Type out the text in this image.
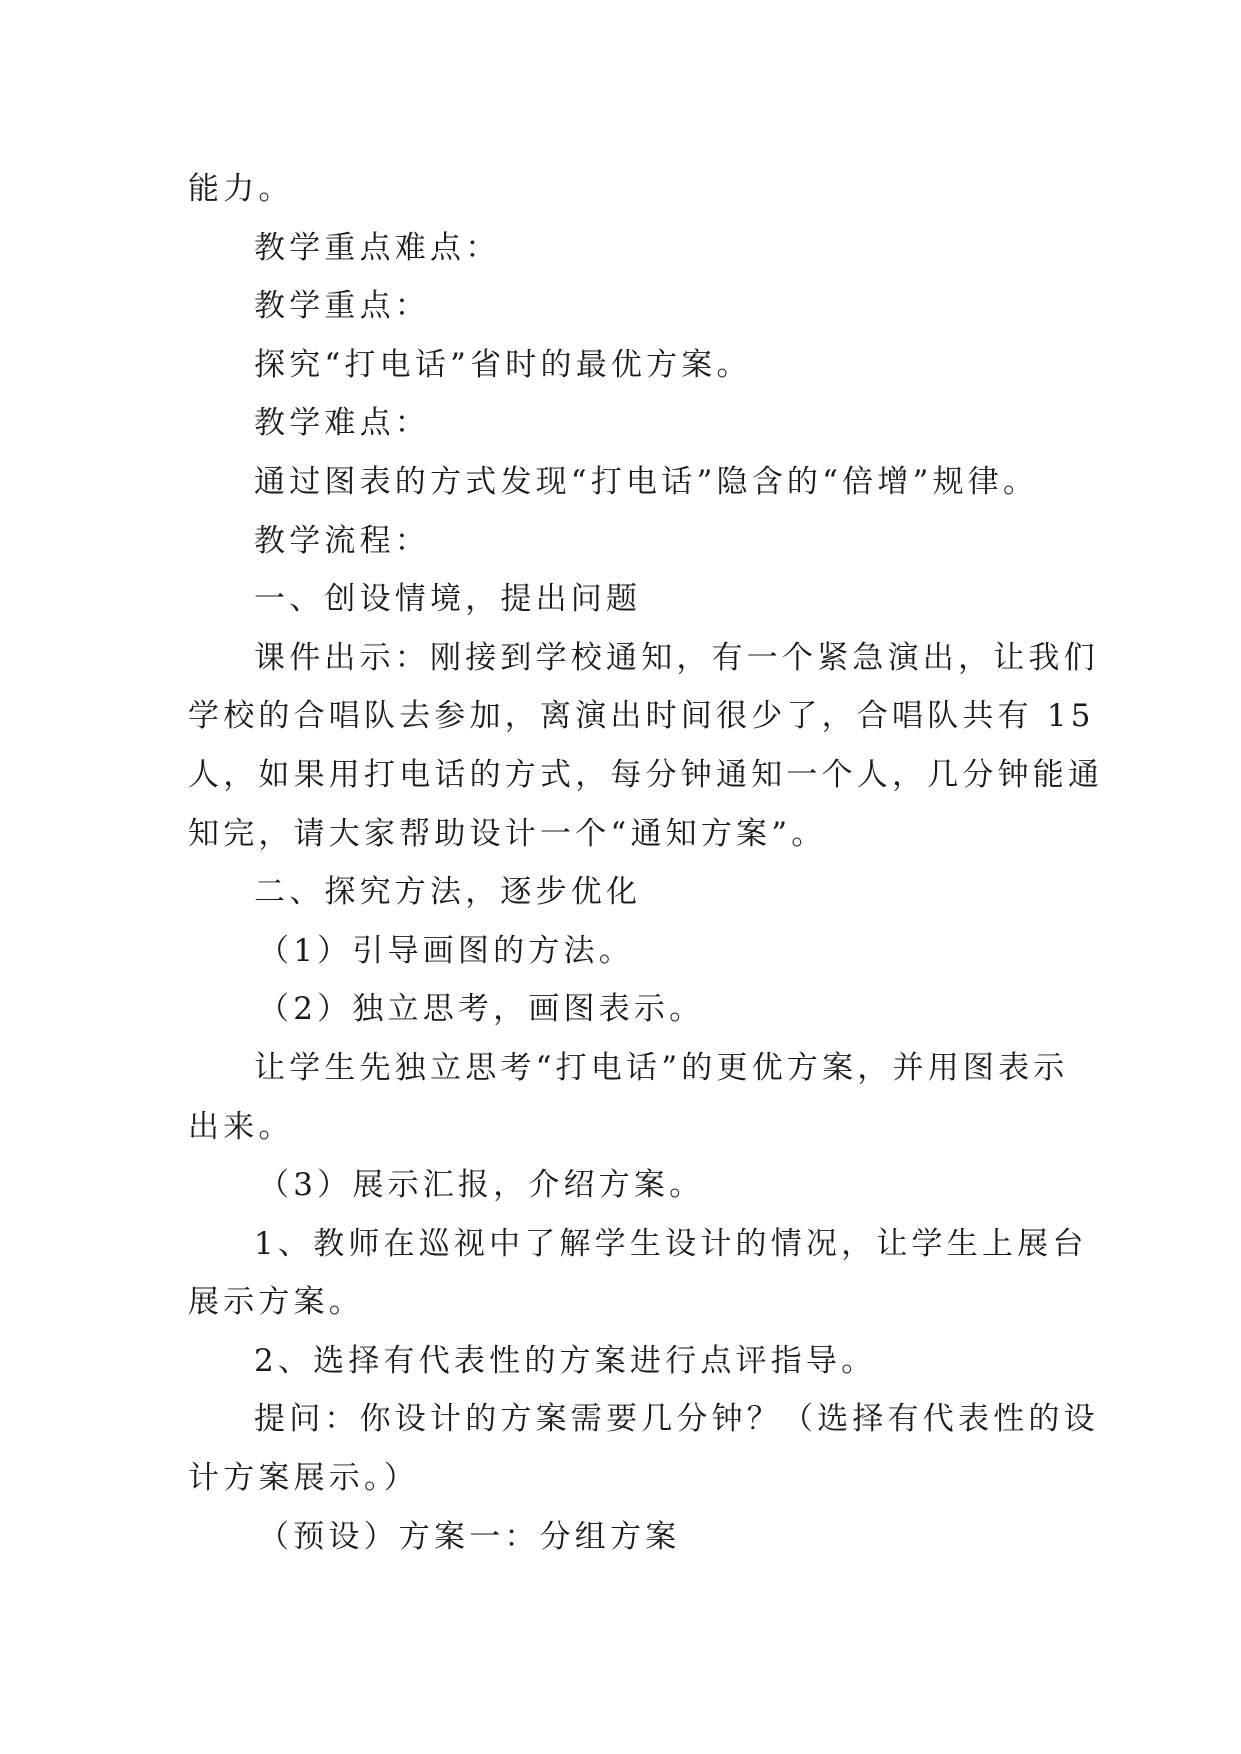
能力。

教学重点难点：

教学重点：

探究“打电话”省时的最优方案。

教学难点：

通过图表的方式发现“打电话”隐含的“倍增”规律。

教学流程：

一、创设情境，提出问题

课件出示：刚接到学校通知，有一个紧急演出，让我们

学校的合唱队去参加，离演出时间很少了，合唱队共有 15

人，如果用打电话的方式，每分钟通知一个人，几分钟能通

知完，请大家帮助设计一个“通知方案”。

二、探究方法，逐步优化

（1）引导画图的方法。

（2）独立思考，画图表示。

让学生先独立思考“打电话”的更优方案，并用图表示

出来。

（3）展示汇报，介绍方案。

1、教师在巡视中了解学生设计的情况，让学生上展台

展示方案。

2、选择有代表性的方案进行点评指导。

提问：你设计的方案需要几分钟？（选择有代表性的设

计方案展示。）

（预设）方案一：分组方案
